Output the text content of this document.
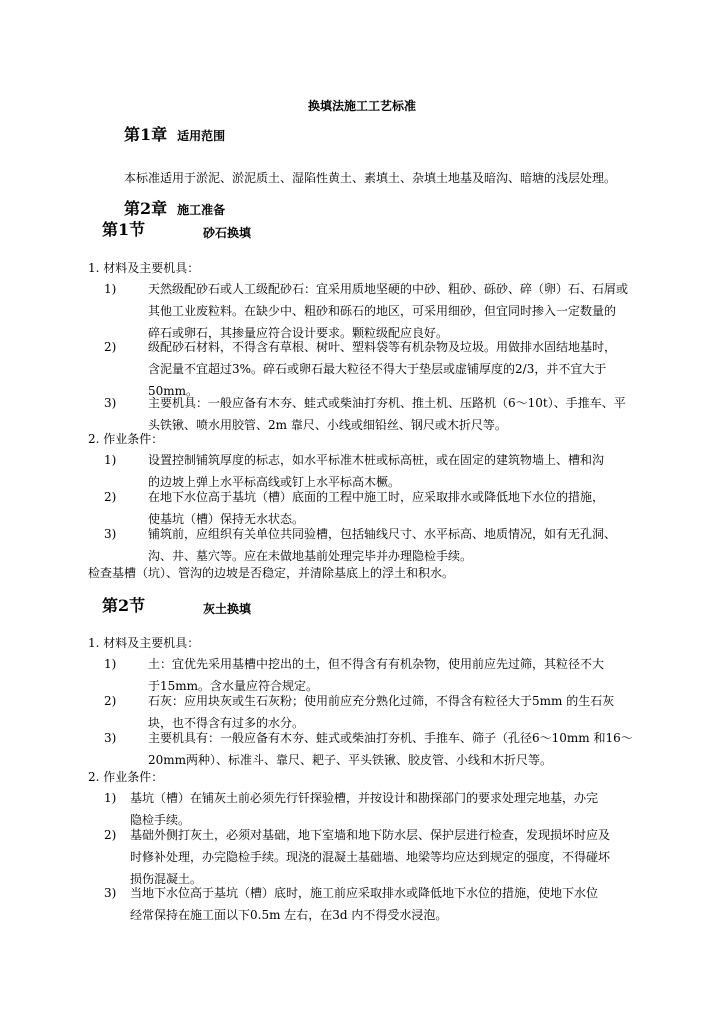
换填法施工工艺标准
第1章 适用范围
本标准适用于淤泥、淤泥质土、湿陷性黄土、素填土、杂填土地基及暗沟、暗塘的浅层处理。
第2章 施工准备
第1节	砂石换填
1. 材料及主要机具：
1)	天然级配砂石或人工级配砂石：宜采用质地坚硬的中砂、粗砂、砾砂、碎（卵）石、石屑或
其他工业废粒料。在缺少中、粗砂和砾石的地区，可采用细砂，但宜同时掺入一定数量的
碎石或卵石，其掺量应符合设计要求。颗粒级配应良好。
2)	级配砂石材料，不得含有草根、树叶、塑料袋等有机杂物及垃圾。用做排水固结地基时，
含泥量不宜超过3%。碎石或卵石最大粒径不得大于垫层或虚铺厚度的2/3，并不宜大于
50mm。
3)	主要机具：一般应备有木夯、蛙式或柴油打夯机、推土机、压路机（6～10t）、手推车、平
头铁锹、喷水用胶管、2m 靠尺、小线或细铅丝、钢尺或木折尺等。
2. 作业条件：
1)	设置控制铺筑厚度的标志，如水平标准木桩或标高桩，或在固定的建筑物墙上、槽和沟
的边坡上弹上水平标高线或钉上水平标高木橛。
2)	在地下水位高于基坑（槽）底面的工程中施工时，应采取排水或降低地下水位的措施，
使基坑（槽）保持无水状态。
3)	铺筑前，应组织有关单位共同验槽，包括轴线尺寸、水平标高、地质情况，如有无孔洞、
沟、井、墓穴等。应在未做地基前处理完毕并办理隐检手续。
检查基槽（坑）、管沟的边坡是否稳定，并清除基底上的浮土和积水。
第2节	灰土换填
1. 材料及主要机具：
1)	土：宜优先采用基槽中挖出的土，但不得含有有机杂物，使用前应先过筛，其粒径不大
于15mm。含水量应符合规定。
2)	石灰：应用块灰或生石灰粉；使用前应充分熟化过筛，不得含有粒径大于5mm 的生石灰
块，也不得含有过多的水分。
3)	主要机具有：一般应备有木夯、蛙式或柴油打夯机、手推车、筛子（孔径6～10mm 和16～
20mm两种）、标准斗、靠尺、耙子、平头铁锹、胶皮管、小线和木折尺等。
2. 作业条件：
1) 基坑（槽）在铺灰土前必须先行钎探验槽，并按设计和勘探部门的要求处理完地基，办完
隐检手续。
2) 基础外侧打灰土，必须对基础，地下室墙和地下防水层、保护层进行检查，发现损坏时应及
时修补处理，办完隐检手续。现浇的混凝土基础墙、地梁等均应达到规定的强度，不得碰坏
损伤混凝土。
3) 当地下水位高于基坑（槽）底时，施工前应采取排水或降低地下水位的措施，使地下水位
经常保持在施工面以下0.5m 左右，在3d 内不得受水浸泡。
